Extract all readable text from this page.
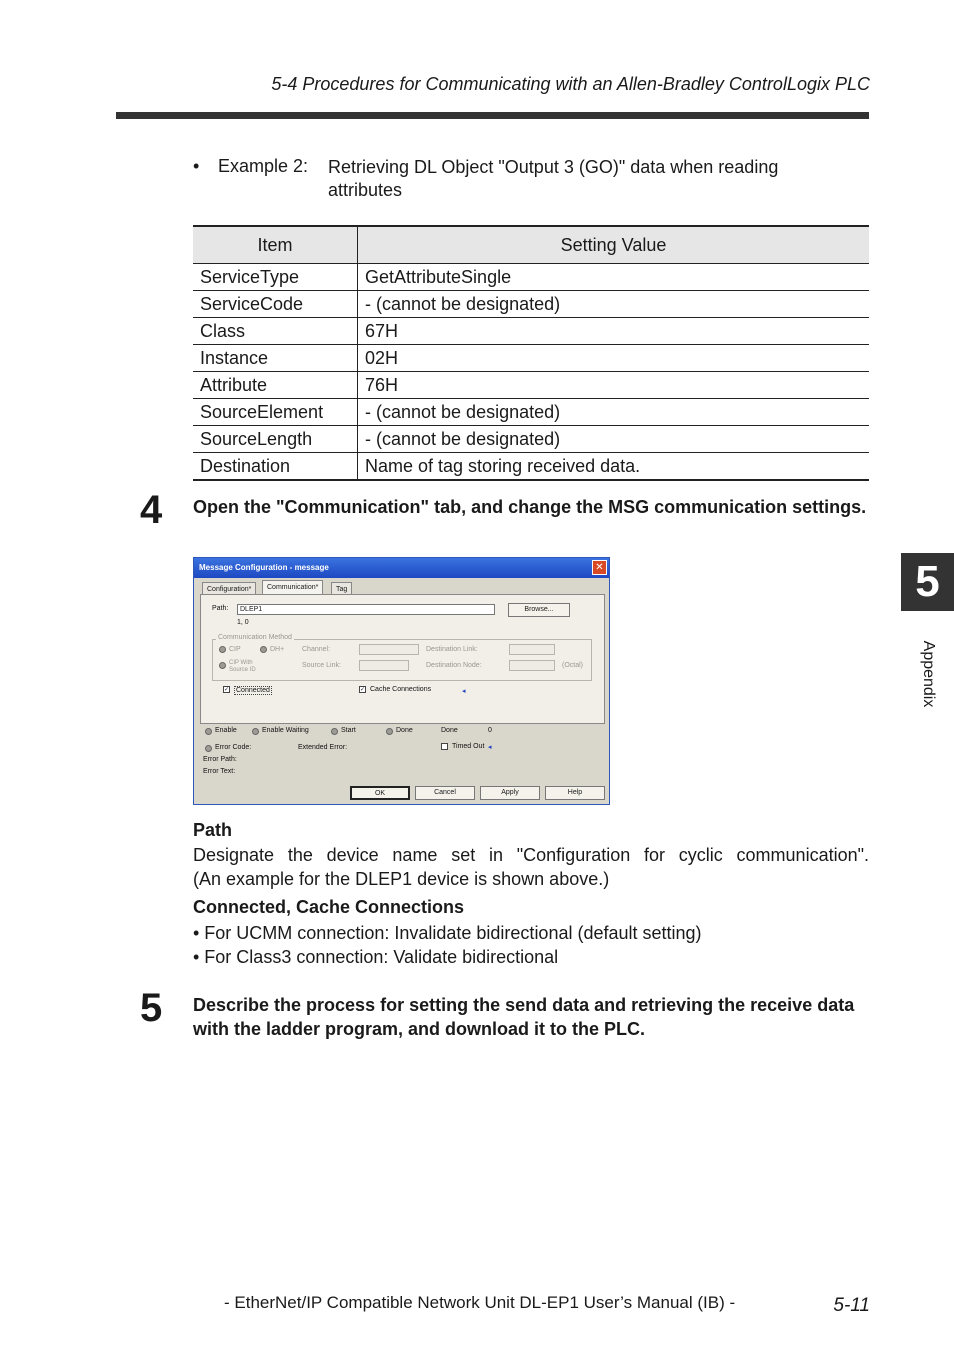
5-4 Procedures for Communicating with an Allen-Bradley ControlLogix PLC
• Example 2: Retrieving DL Object "Output 3 (GO)" data when reading attributes
Item	Setting Value
ServiceType	GetAttributeSingle
ServiceCode	- (cannot be designated)
Class	67H
Instance	02H
Attribute	76H
SourceElement	- (cannot be designated)
SourceLength	- (cannot be designated)
Destination	Name of tag storing received data.
4 Open the "Communication" tab, and change the MSG communication settings.
Message Configuration - message	✕
Configuration*	Communication*	Tag
Path:	DLEP1
1, 0
Browse...
Communication Method
CIP	DH+	Channel:	Destination Link:
CIP With Source ID
Source Link:	Destination Node:	(Octal)
✓ Connected	✓ Cache Connections	◂
Enable	Enable Waiting	Start	Done	Done	0
Error Code:	Extended Error:	Timed Out ◂
Error Path:
Error Text:
OK	Cancel	Apply	Help
Path
Designate the device name set in "Configuration for cyclic communication".
(An example for the DLEP1 device is shown above.)
Connected, Cache Connections
• For UCMM connection: Invalidate bidirectional (default setting)
• For Class3 connection: Validate bidirectional
5 Describe the process for setting the send data and retrieving the receive data with the ladder program, and download it to the PLC.
5
Appendix
- EtherNet/IP Compatible Network Unit DL-EP1 User’s Manual (IB) -	5-11
